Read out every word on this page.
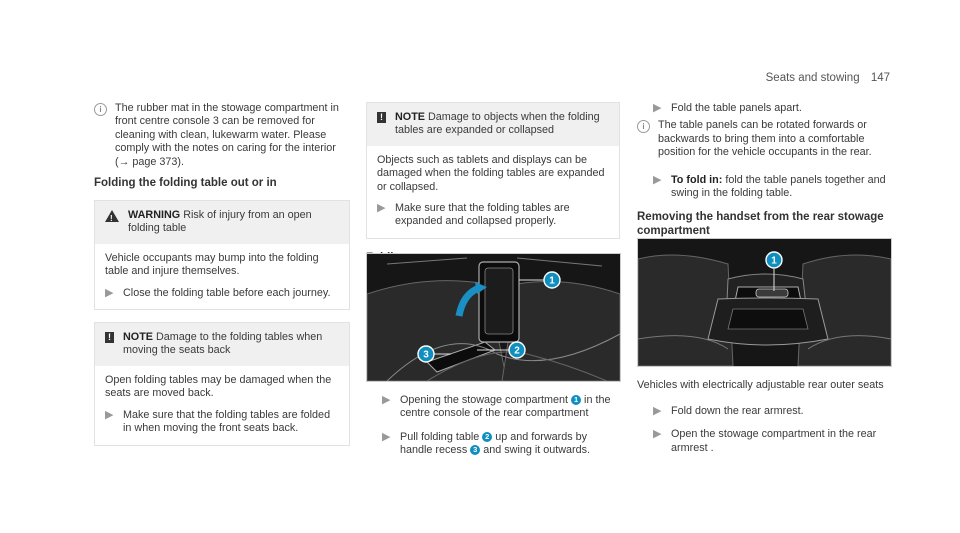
Seats and stowing 147
i	The rubber mat in the stowage compartment in front centre console 3 can be removed for cleaning with clean, lukewarm water. Please comply with the notes on caring for the interior (→ page 373).
Folding the folding table out or in
!
WARNING Risk of injury from an open folding table

Vehicle occupants may bump into the folding table and injure themselves.

▶ Close the folding table before each journey.
! NOTE Damage to the folding tables when moving the seats back

Open folding tables may be damaged when the seats are moved back.

▶ Make sure that the folding tables are folded in when moving the front seats back.
! NOTE Damage to objects when the folding tables are expanded or collapsed

Objects such as tablets and displays can be damaged when the folding tables are expanded or collapsed.

▶ Make sure that the folding tables are expanded and collapsed properly.
1
2
3
▶ Opening the stowage compartment 1 in the centre console of the rear compartment
▶ Pull folding table 2 up and forwards by handle recess 3 and swing it outwards.
▶ Fold the table panels apart.
i	The table panels can be rotated forwards or backwards to bring them into a comfortable position for the vehicle occupants in the rear.
▶ To fold in: fold the table panels together and swing in the folding table.
Removing the handset from the rear stowage compartment
1
Vehicles with electrically adjustable rear outer seats
▶ Fold down the rear armrest.
▶ Open the stowage compartment in the rear armrest .
